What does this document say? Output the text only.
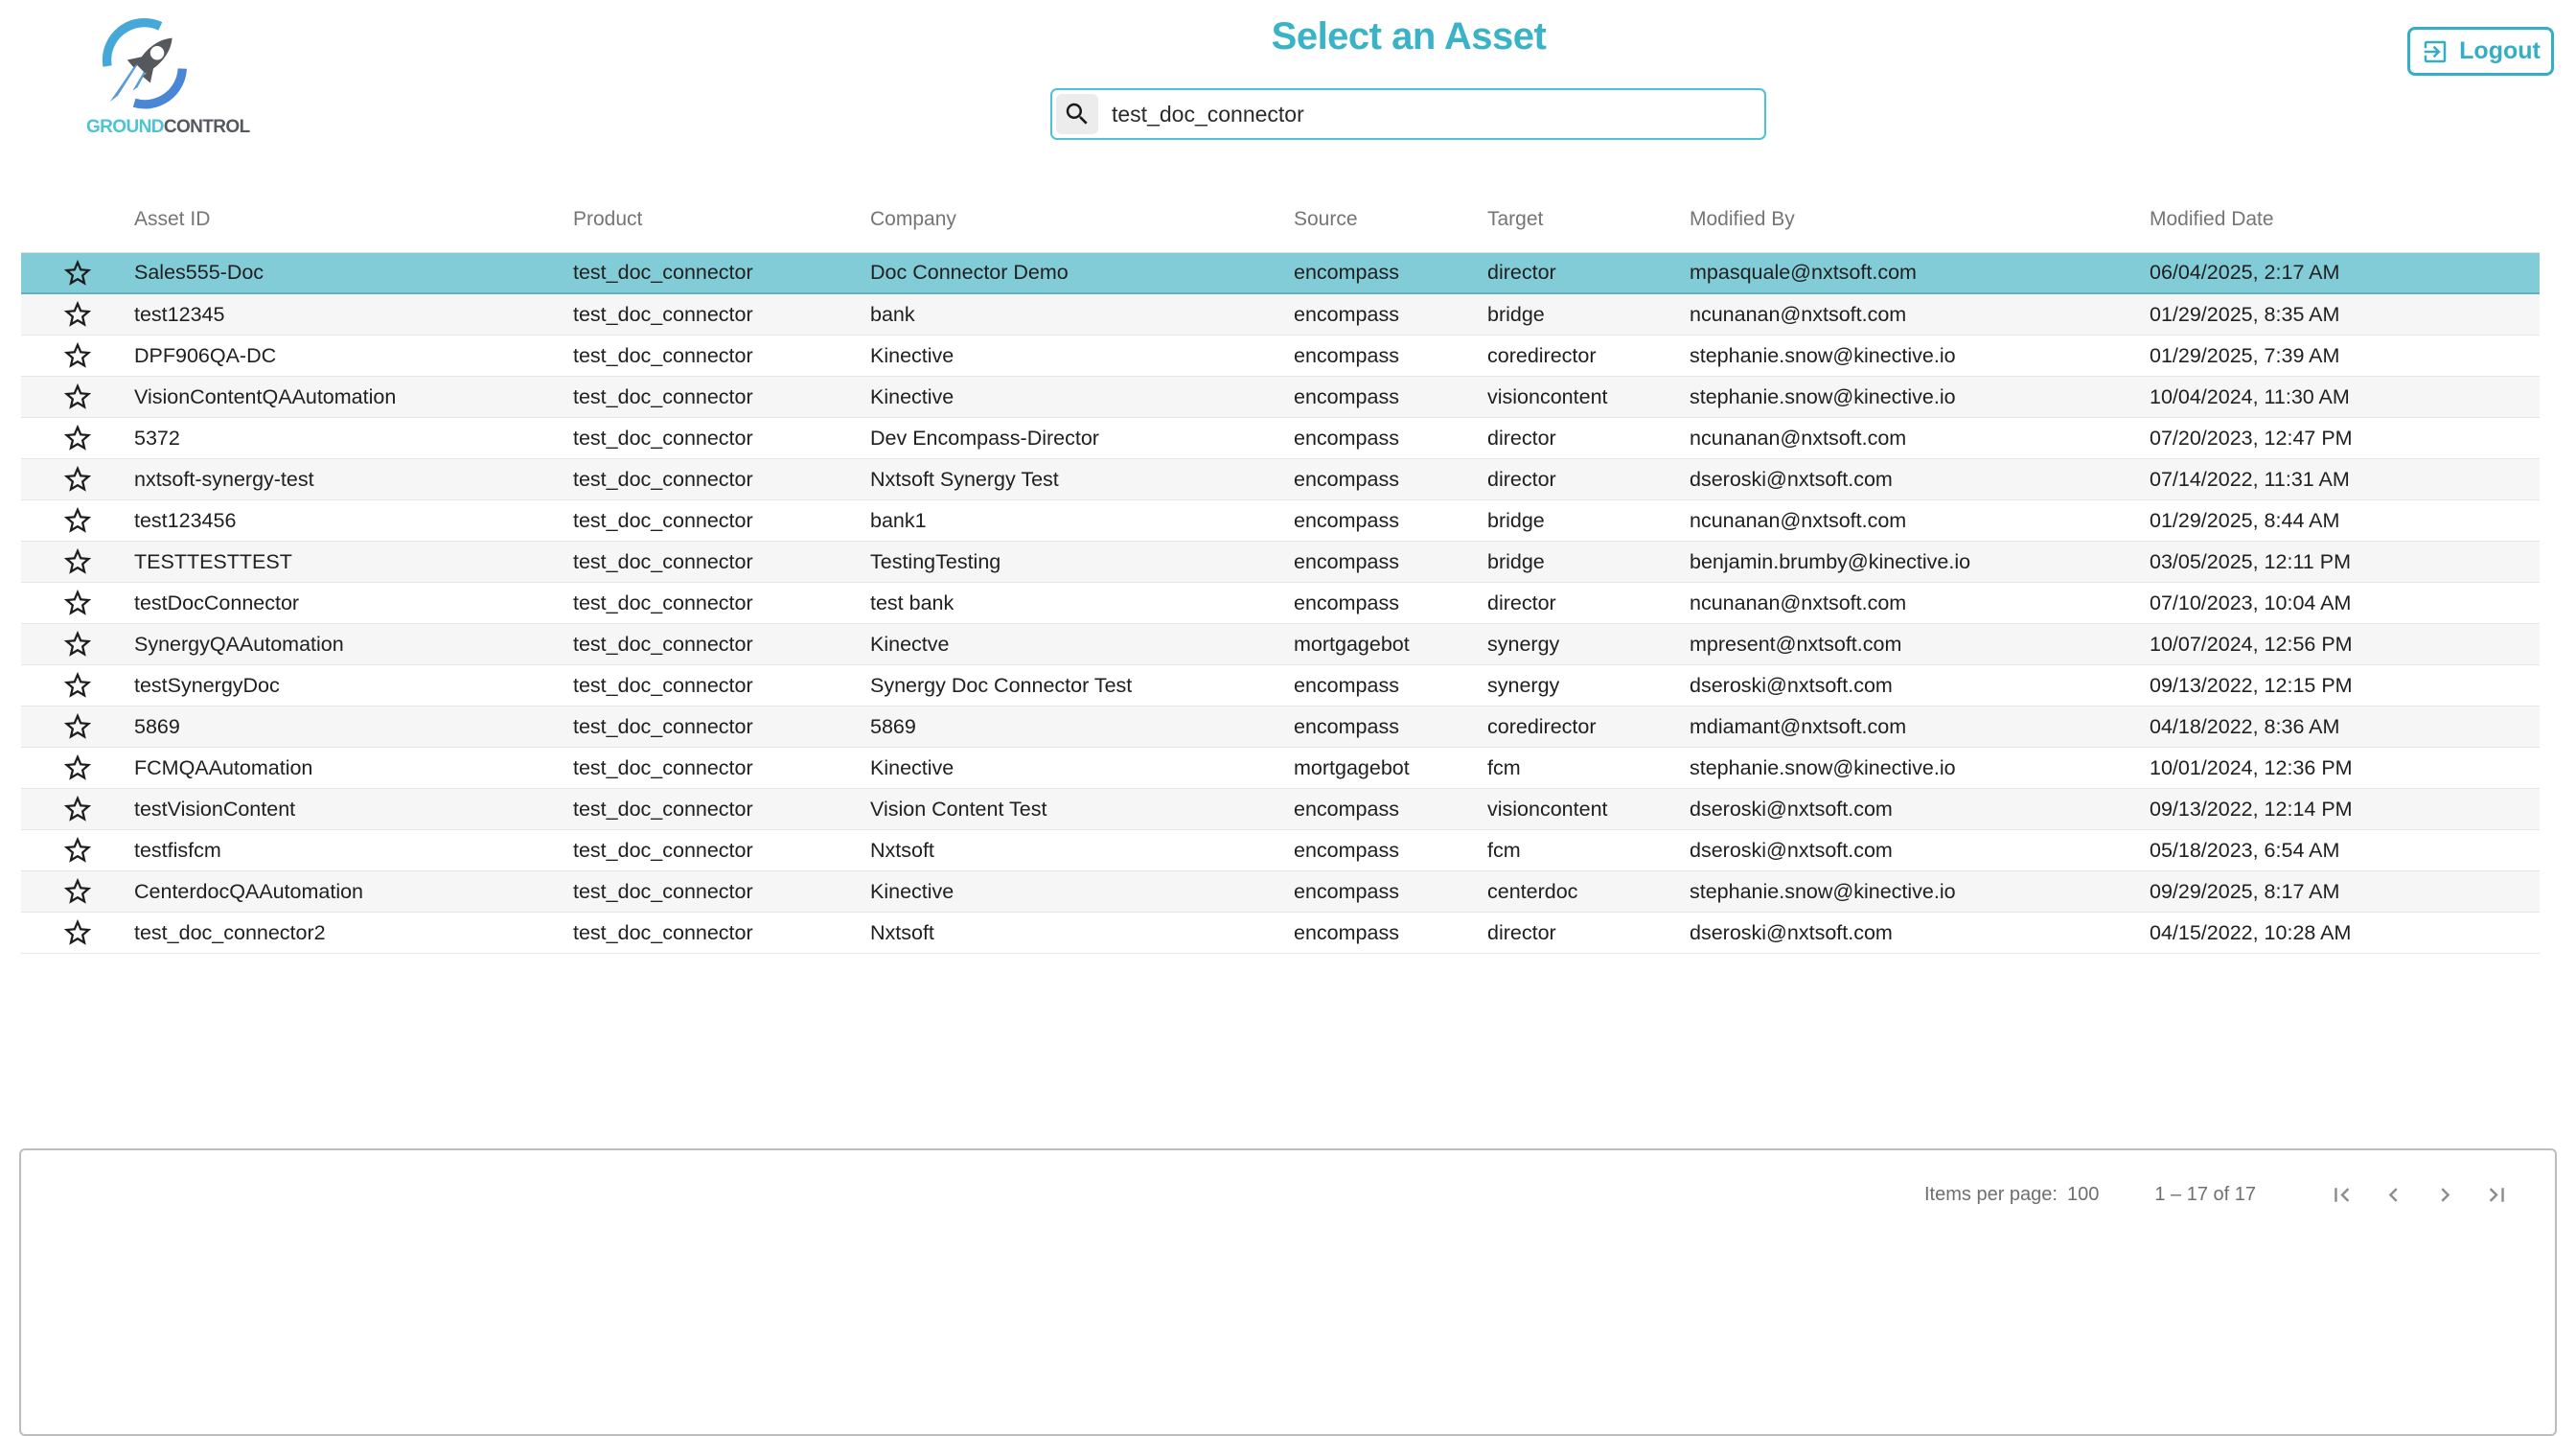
GROUNDCONTROL
Select an Asset
test_doc_connector	Logout
Asset ID	Product	Company	Source	Target	Modified By	Modified Date
Sales555-Doc	test_doc_connector	Doc Connector Demo	encompass	director	mpasquale@nxtsoft.com	06/04/2025, 2:17 AM
test12345	test_doc_connector	bank	encompass	bridge	ncunanan@nxtsoft.com	01/29/2025, 8:35 AM
DPF906QA-DC	test_doc_connector	Kinective	encompass	coredirector	stephanie.snow@kinective.io	01/29/2025, 7:39 AM
VisionContentQAAutomation	test_doc_connector	Kinective	encompass	visioncontent	stephanie.snow@kinective.io	10/04/2024, 11:30 AM
5372	test_doc_connector	Dev Encompass-Director	encompass	director	ncunanan@nxtsoft.com	07/20/2023, 12:47 PM
nxtsoft-synergy-test	test_doc_connector	Nxtsoft Synergy Test	encompass	director	dseroski@nxtsoft.com	07/14/2022, 11:31 AM
test123456	test_doc_connector	bank1	encompass	bridge	ncunanan@nxtsoft.com	01/29/2025, 8:44 AM
TESTTESTTEST	test_doc_connector	TestingTesting	encompass	bridge	benjamin.brumby@kinective.io	03/05/2025, 12:11 PM
testDocConnector	test_doc_connector	test bank	encompass	director	ncunanan@nxtsoft.com	07/10/2023, 10:04 AM
SynergyQAAutomation	test_doc_connector	Kinectve	mortgagebot	synergy	mpresent@nxtsoft.com	10/07/2024, 12:56 PM
testSynergyDoc	test_doc_connector	Synergy Doc Connector Test	encompass	synergy	dseroski@nxtsoft.com	09/13/2022, 12:15 PM
5869	test_doc_connector	5869	encompass	coredirector	mdiamant@nxtsoft.com	04/18/2022, 8:36 AM
FCMQAAutomation	test_doc_connector	Kinective	mortgagebot	fcm	stephanie.snow@kinective.io	10/01/2024, 12:36 PM
testVisionContent	test_doc_connector	Vision Content Test	encompass	visioncontent	dseroski@nxtsoft.com	09/13/2022, 12:14 PM
testfisfcm	test_doc_connector	Nxtsoft	encompass	fcm	dseroski@nxtsoft.com	05/18/2023, 6:54 AM
CenterdocQAAutomation	test_doc_connector	Kinective	encompass	centerdoc	stephanie.snow@kinective.io	09/29/2025, 8:17 AM
test_doc_connector2	test_doc_connector	Nxtsoft	encompass	director	dseroski@nxtsoft.com	04/15/2022, 10:28 AM
Items per page: 100	1 – 17 of 17
